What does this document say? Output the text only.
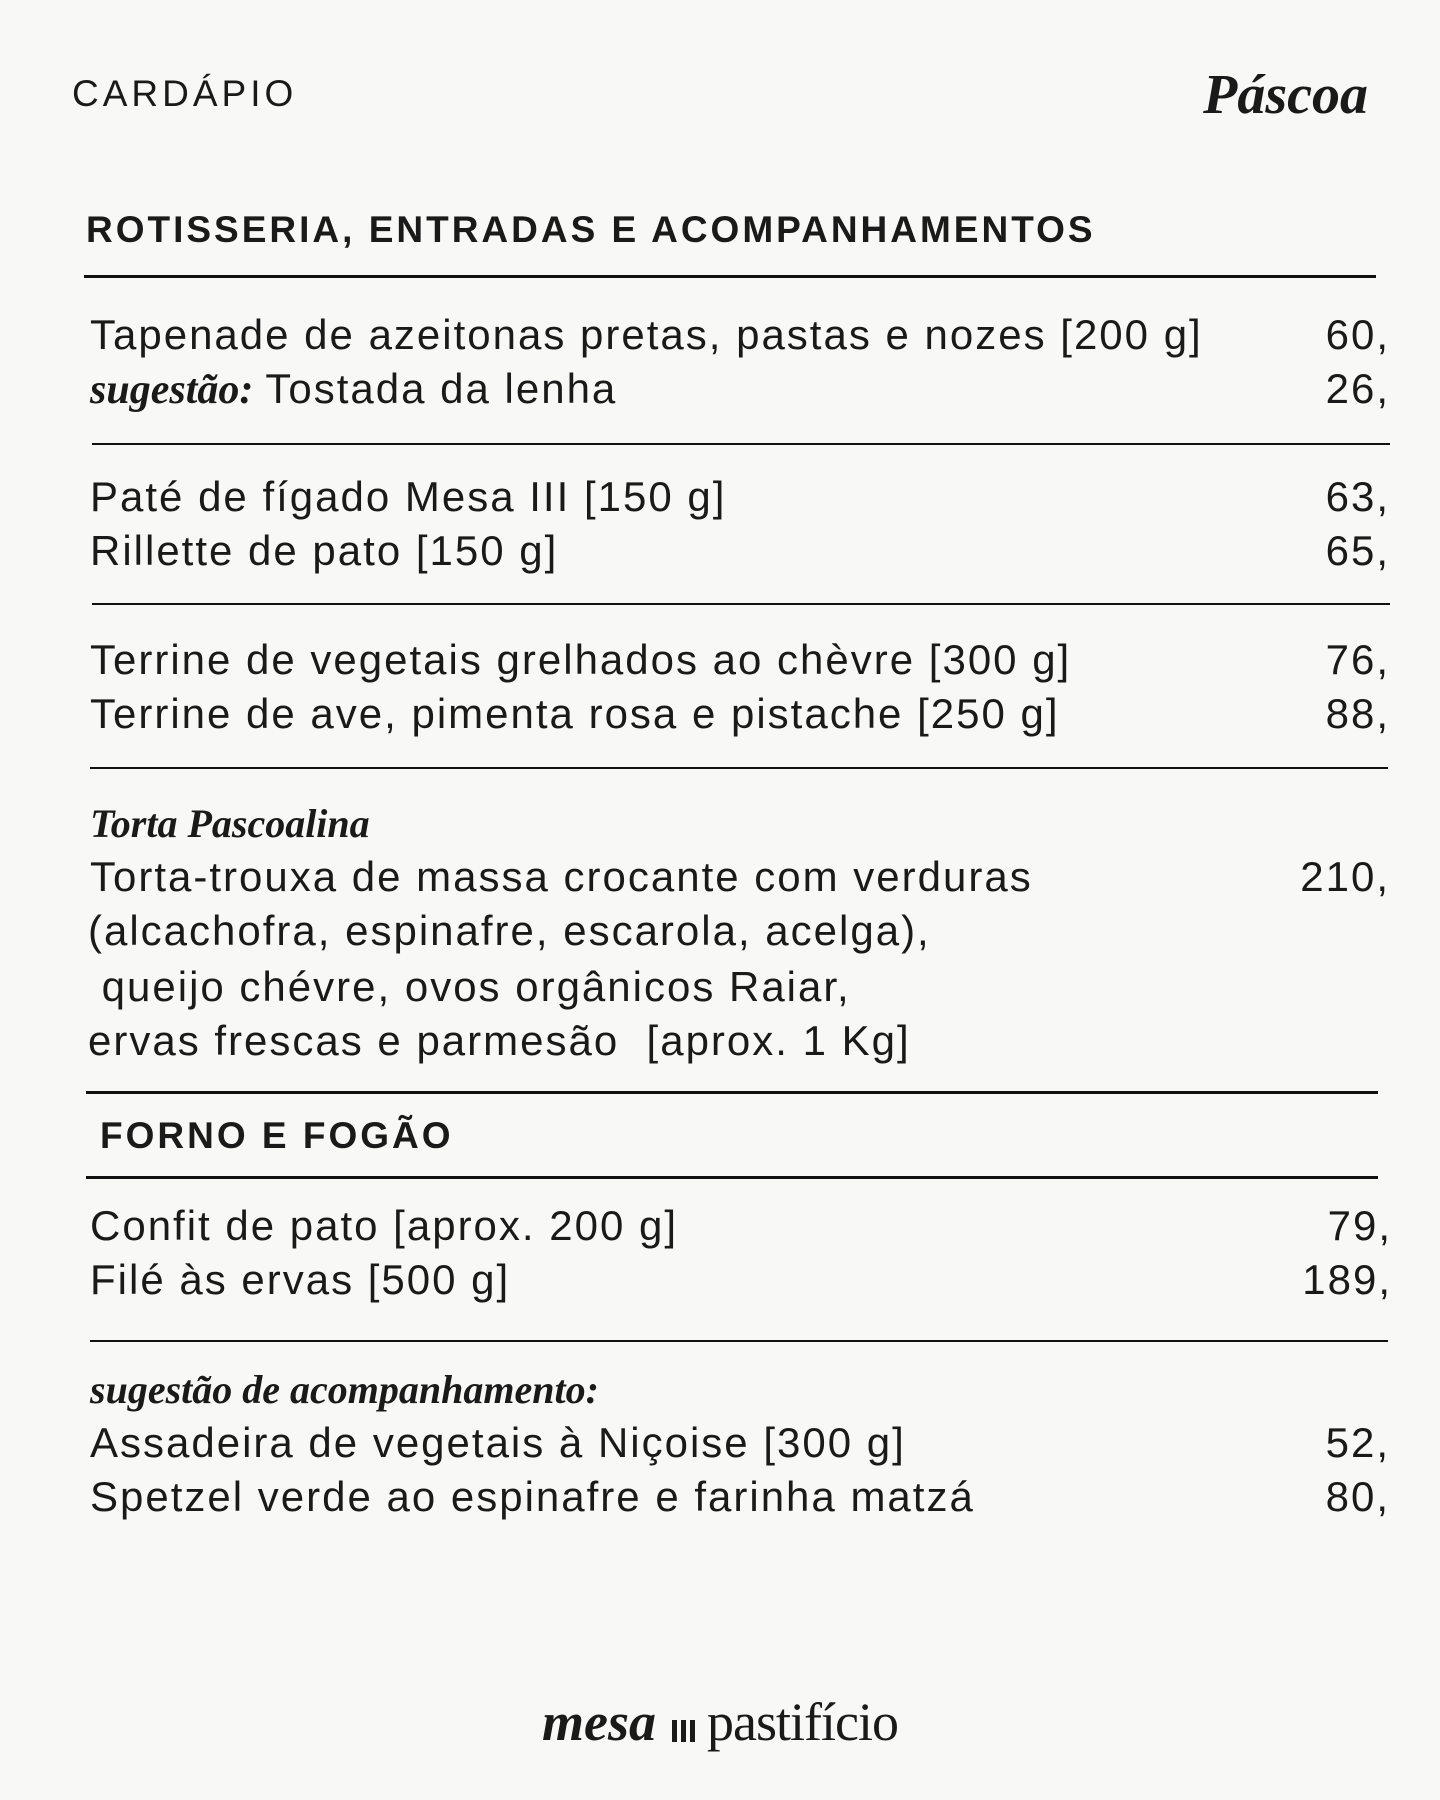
CARDÁPIO	Páscoa
ROTISSERIA, ENTRADAS E ACOMPANHAMENTOS
Tapenade de azeitonas pretas, pastas e nozes [200 g]	60,
sugestão: Tostada da lenha	26,
Paté de fígado Mesa III [150 g]	63,
Rillette de pato [150 g]	65,
Terrine de vegetais grelhados ao chèvre [300 g]	76,
Terrine de ave, pimenta rosa e pistache [250 g]	88,
Torta Pascoalina
Torta-trouxa de massa crocante com verduras	210,
(alcachofra, espinafre, escarola, acelga),
queijo chévre, ovos orgânicos Raiar,
ervas frescas e parmesão  [aprox. 1 Kg]
FORNO E FOGÃO
Confit de pato [aprox. 200 g]	79,
Filé às ervas [500 g]	189,
sugestão de acompanhamento:
Assadeira de vegetais à Niçoise [300 g]	52,
Spetzel verde ao espinafre e farinha matzá	80,
mesa pastifício
